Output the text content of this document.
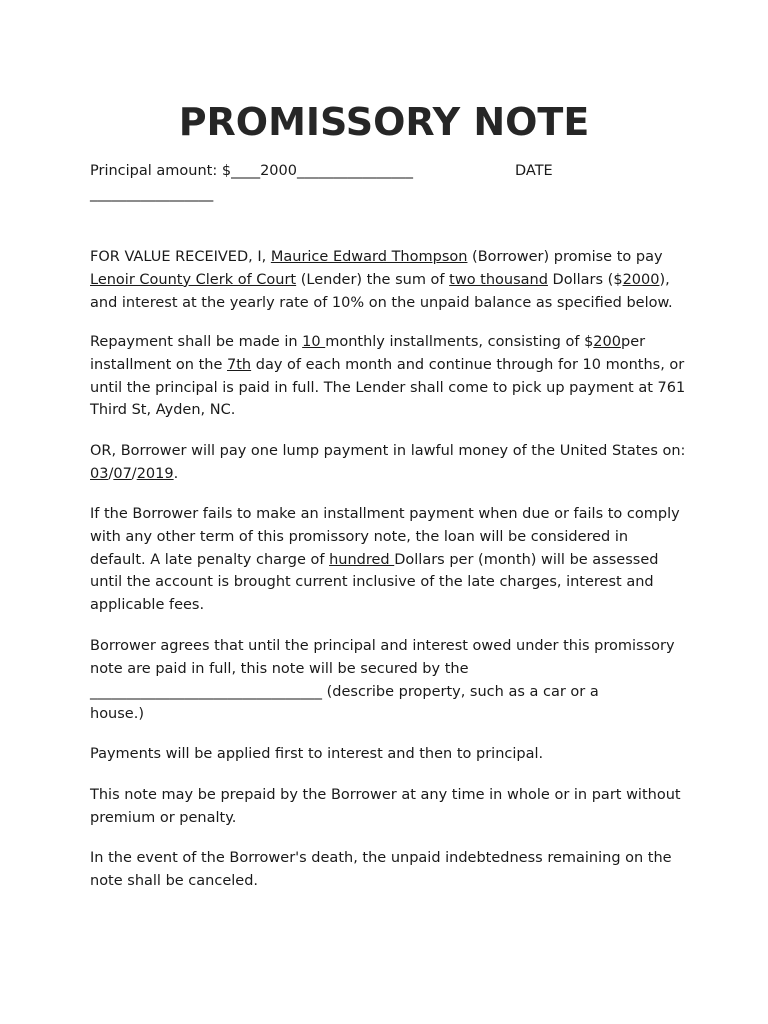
PROMISSORY NOTE
Principal amount: $____2000________________
_________________
DATE
FOR VALUE RECEIVED, I, Maurice Edward Thompson (Borrower) promise to pay
Lenoir County Clerk of Court (Lender) the sum of two thousand Dollars ($2000),
and interest at the yearly rate of 10% on the unpaid balance as specified below.
Repayment shall be made in 10 monthly installments, consisting of $200per
installment on the 7th day of each month and continue through for 10 months, or
until the principal is paid in full. The Lender shall come to pick up payment at 761
Third St, Ayden, NC.
OR, Borrower will pay one lump payment in lawful money of the United States on:
03/07/2019.
If the Borrower fails to make an installment payment when due or fails to comply
with any other term of this promissory note, the loan will be considered in
default. A late penalty charge of hundred Dollars per (month) will be assessed
until the account is brought current inclusive of the late charges, interest and
applicable fees.
Borrower agrees that until the principal and interest owed under this promissory
note are paid in full, this note will be secured by the
________________________________ (describe property, such as a car or a
house.)
Payments will be applied first to interest and then to principal.
This note may be prepaid by the Borrower at any time in whole or in part without
premium or penalty.
In the event of the Borrower's death, the unpaid indebtedness remaining on the
note shall be canceled.
